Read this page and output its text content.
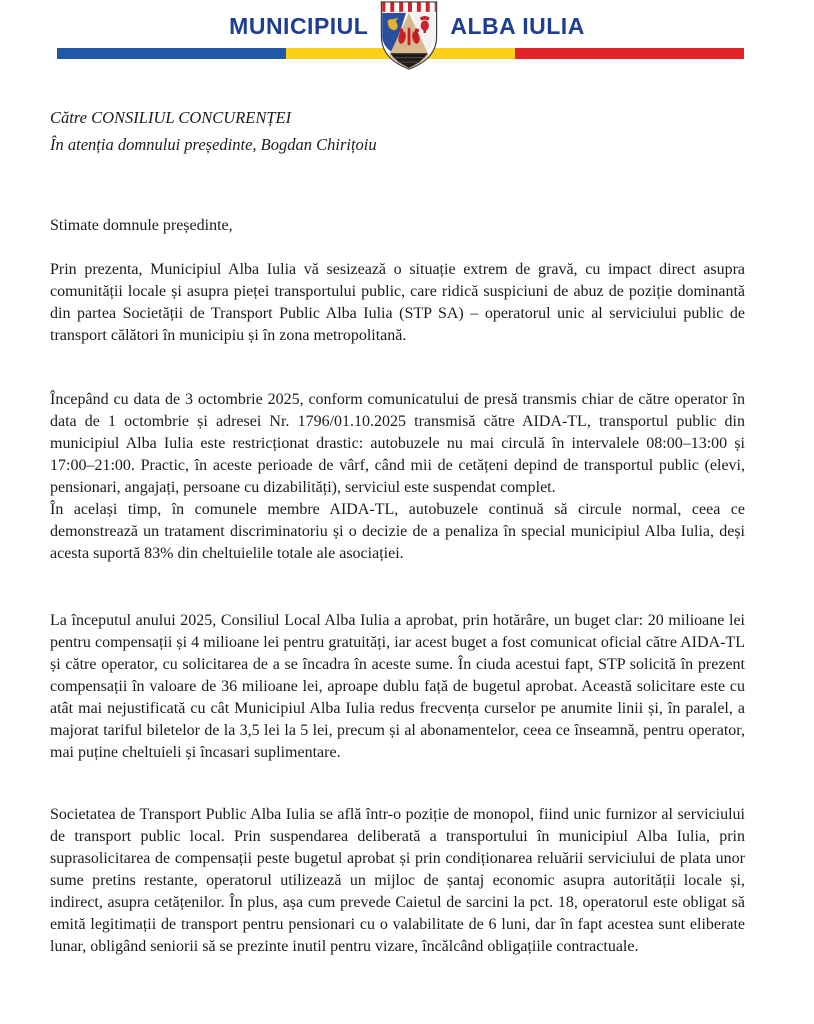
MUNICIPIUL	ALBA IULIA
Către CONSILIUL CONCURENȚEI
În atenția domnului președinte, Bogdan Chirițoiu
Stimate domnule președinte,
Prin prezenta, Municipiul Alba Iulia vă sesizează o situație extrem de gravă, cu impact direct asupra comunității locale și asupra pieței transportului public, care ridică suspiciuni de abuz de poziție dominantă din partea Societății de Transport Public Alba Iulia (STP SA) – operatorul unic al serviciului public de transport călători în municipiu și în zona metropolitană.
Începând cu data de 3 octombrie 2025, conform comunicatului de presă transmis chiar de către operator în data de 1 octombrie și adresei Nr. 1796/01.10.2025 transmisă către AIDA-TL, transportul public din municipiul Alba Iulia este restricționat drastic: autobuzele nu mai circulă în intervalele 08:00–13:00 și 17:00–21:00. Practic, în aceste perioade de vârf, când mii de cetățeni depind de transportul public (elevi, pensionari, angajați, persoane cu dizabilități), serviciul este suspendat complet.
În același timp, în comunele membre AIDA-TL, autobuzele continuă să circule normal, ceea ce demonstrează un tratament discriminatoriu și o decizie de a penaliza în special municipiul Alba Iulia, deși acesta suportă 83% din cheltuielile totale ale asociației.
La începutul anului 2025, Consiliul Local Alba Iulia a aprobat, prin hotărâre, un buget clar: 20 milioane lei pentru compensații și 4 milioane lei pentru gratuități, iar acest buget a fost comunicat oficial către AIDA-TL și către operator, cu solicitarea de a se încadra în aceste sume. În ciuda acestui fapt, STP solicită în prezent compensații în valoare de 36 milioane lei, aproape dublu față de bugetul aprobat. Această solicitare este cu atât mai nejustificată cu cât Municipiul Alba Iulia redus frecvența curselor pe anumite linii și, în paralel, a majorat tariful biletelor de la 3,5 lei la 5 lei, precum și al abonamentelor, ceea ce înseamnă, pentru operator, mai puține cheltuieli și încasari suplimentare.
Societatea de Transport Public Alba Iulia se află într-o poziție de monopol, fiind unic furnizor al serviciului de transport public local. Prin suspendarea deliberată a transportului în municipiul Alba Iulia, prin suprasolicitarea de compensații peste bugetul aprobat și prin condiționarea reluării serviciului de plata unor sume pretins restante, operatorul utilizează un mijloc de șantaj economic asupra autorității locale și, indirect, asupra cetățenilor. În plus, așa cum prevede Caietul de sarcini la pct. 18, operatorul este obligat să emită legitimații de transport pentru pensionari cu o valabilitate de 6 luni, dar în fapt acestea sunt eliberate lunar, obligând seniorii să se prezinte inutil pentru vizare, încălcând obligațiile contractuale.
